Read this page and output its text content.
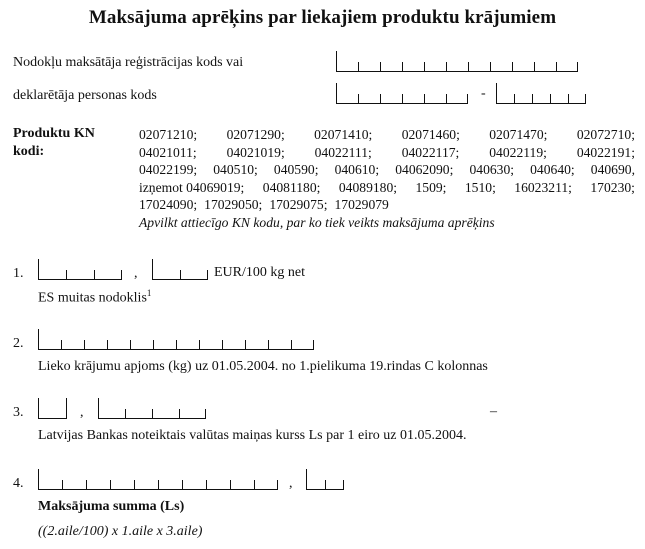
Maksājuma aprēķins par liekajiem produktu krājumiem
Nodokļu maksātāja reģistrācijas kods vai
deklarētāja personas kods	-
Produktu KN
kodi:
02071210; 02071290; 02071410; 02071460; 02071470; 02072710;
04021011; 04021019; 04022111; 04022117; 04022119; 04022191;
04022199; 040510; 040590; 040610; 04062090; 040630; 040640; 040690,
izņemot 04069019; 04081180; 04089180; 1509; 1510; 16023211; 170230;
17024090; 17029050; 17029075; 17029079
Apvilkt attiecīgo KN kodu, par ko tiek veikts maksājuma aprēķins
1.	,	EUR/100 kg net
ES muitas nodoklis$^1$
2.
Lieko krājumu apjoms (kg) uz 01.05.2004. no 1.pielikuma 19.rindas C kolonnas
3.	,	–
Latvijas Bankas noteiktais valūtas maiņas kurss Ls par 1 eiro uz 01.05.2004.
4.	,
Maksājuma summa (Ls)
((2.aile/100) x 1.aile x 3.aile)
